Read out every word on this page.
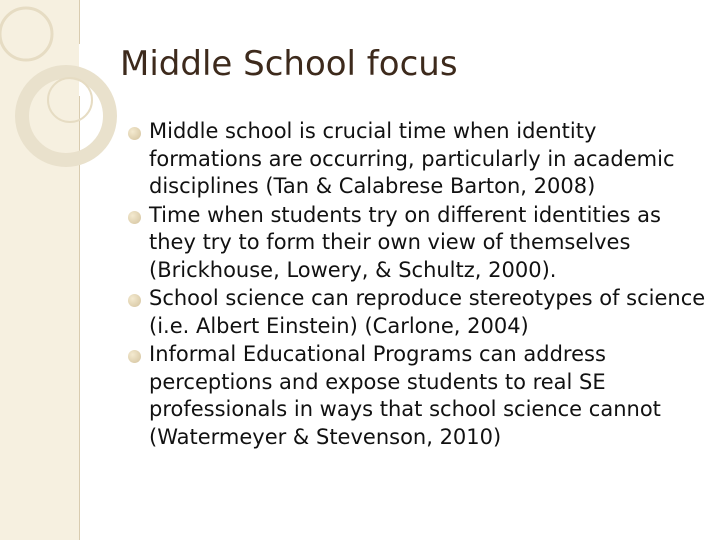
Middle School focus
Middle school is crucial time when identity formations are occurring, particularly in academic disciplines (Tan & Calabrese Barton, 2008)
Time when students try on different identities as they try to form their own view of themselves (Brickhouse, Lowery, & Schultz, 2000).
School science can reproduce stereotypes of science (i.e. Albert Einstein) (Carlone, 2004)
Informal Educational Programs can address perceptions and expose students to real SE professionals in ways that school science cannot (Watermeyer & Stevenson, 2010)
